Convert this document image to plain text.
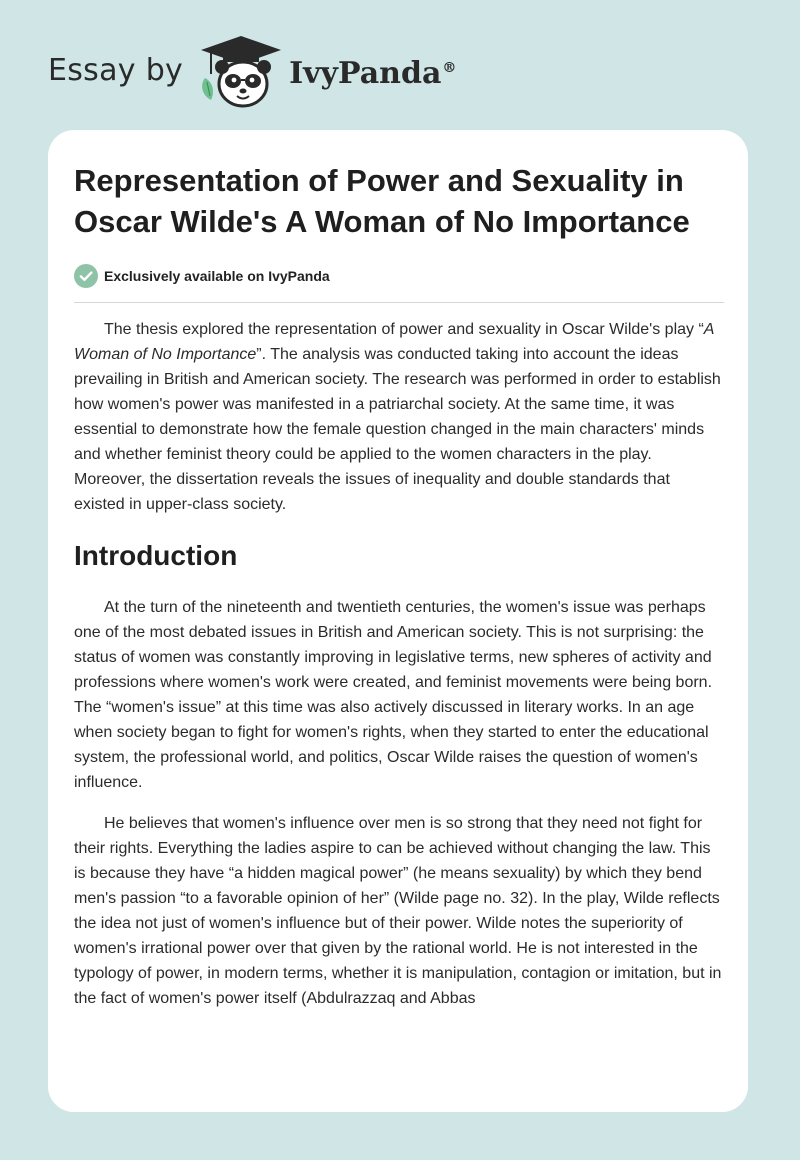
Essay by	IvyPanda®
Representation of Power and Sexuality in Oscar Wilde's A Woman of No Importance
Exclusively available on IvyPanda

The thesis explored the representation of power and sexuality in Oscar Wilde's play “A Woman of No Importance”. The analysis was conducted taking into account the ideas prevailing in British and American society. The research was performed in order to establish how women's power was manifested in a patriarchal society. At the same time, it was essential to demonstrate how the female question changed in the main characters' minds and whether feminist theory could be applied to the women characters in the play. Moreover, the dissertation reveals the issues of inequality and double standards that existed in upper-class society.

Introduction

At the turn of the nineteenth and twentieth centuries, the women's issue was perhaps one of the most debated issues in British and American society. This is not surprising: the status of women was constantly improving in legislative terms, new spheres of activity and professions where women's work were created, and feminist movements were being born. The “women's issue” at this time was also actively discussed in literary works. In an age when society began to fight for women's rights, when they started to enter the educational system, the professional world, and politics, Oscar Wilde raises the question of women's influence.

He believes that women's influence over men is so strong that they need not fight for their rights. Everything the ladies aspire to can be achieved without changing the law. This is because they have “a hidden magical power” (he means sexuality) by which they bend men's passion “to a favorable opinion of her” (Wilde page no. 32). In the play, Wilde reflects the idea not just of women's influence but of their power. Wilde notes the superiority of women's irrational power over that given by the rational world. He is not interested in the typology of power, in modern terms, whether it is manipulation, contagion or imitation, but in the fact of women's power itself (Abdulrazzaq and Abbas
